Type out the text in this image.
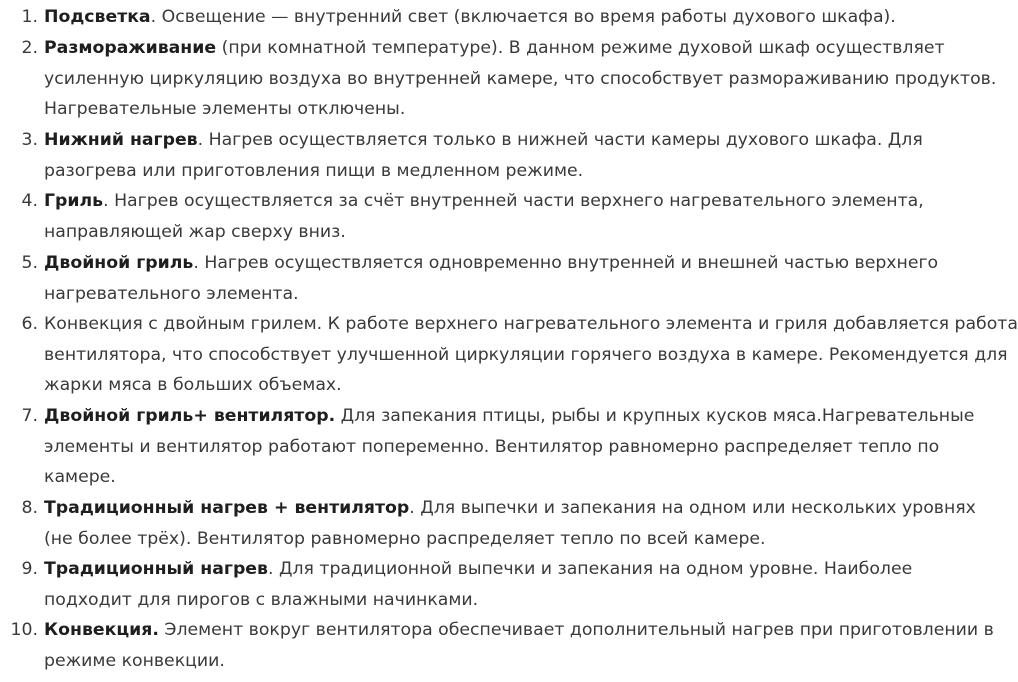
1. Подсветка. Освещение — внутренний свет (включается во время работы духового шкафа).
2. Размораживание (при комнатной температуре). В данном режиме духовой шкаф осуществляет
усиленную циркуляцию воздуха во внутренней камере, что способствует размораживанию продуктов.
Нагревательные элементы отключены.
3. Нижний нагрев. Нагрев осуществляется только в нижней части камеры духового шкафа. Для
разогрева или приготовления пищи в медленном режиме.
4. Гриль. Нагрев осуществляется за счёт внутренней части верхнего нагревательного элемента,
направляющей жар сверху вниз.
5. Двойной гриль. Нагрев осуществляется одновременно внутренней и внешней частью верхнего
нагревательного элемента.
6. Конвекция с двойным грилем. К работе верхнего нагревательного элемента и гриля добавляется работа
вентилятора, что способствует улучшенной циркуляции горячего воздуха в камере. Рекомендуется для
жарки мяса в больших объемах.
7. Двойной гриль+ вентилятор. Для запекания птицы, рыбы и крупных кусков мяса.Нагревательные
элементы и вентилятор работают попеременно. Вентилятор равномерно распределяет тепло по
камере.
8. Традиционный нагрев + вентилятор. Для выпечки и запекания на одном или нескольких уровнях
(не более трёх). Вентилятор равномерно распределяет тепло по всей камере.
9. Традиционный нагрев. Для традиционной выпечки и запекания на одном уровне. Наиболее
подходит для пирогов с влажными начинками.
10. Конвекция. Элемент вокруг вентилятора обеспечивает дополнительный нагрев при приготовлении в
режиме конвекции.
